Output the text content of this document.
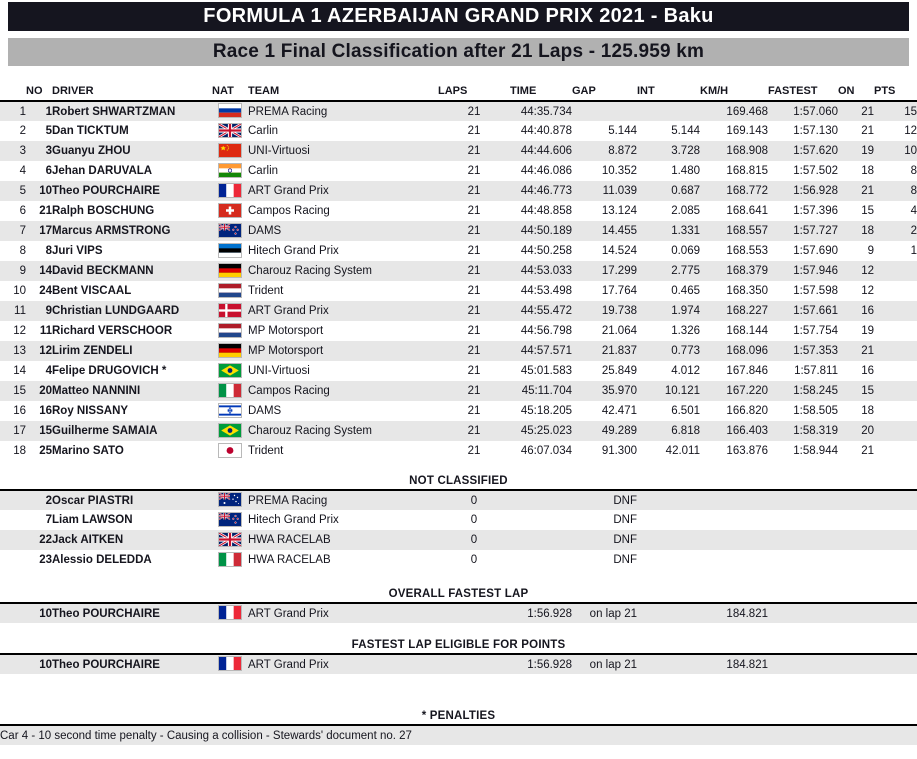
FORMULA 1 AZERBAIJAN GRAND PRIX 2021 - Baku
Race 1 Final Classification after 21 Laps - 125.959 km
	NO	DRIVER	NAT	TEAM	LAPS	TIME	GAP	INT	KM/H	FASTEST	ON	PTS
1	1	Robert SHWARTZMAN		PREMA Racing	21	44:35.734			169.468	1:57.060	21	15
2	5	Dan TICKTUM		Carlin	21	44:40.878	5.144	5.144	169.143	1:57.130	21	12
3	3	Guanyu ZHOU		UNI-Virtuosi	21	44:44.606	8.872	3.728	168.908	1:57.620	19	10
4	6	Jehan DARUVALA		Carlin	21	44:46.086	10.352	1.480	168.815	1:57.502	18	8
5	10	Theo POURCHAIRE		ART Grand Prix	21	44:46.773	11.039	0.687	168.772	1:56.928	21	8
6	21	Ralph BOSCHUNG		Campos Racing	21	44:48.858	13.124	2.085	168.641	1:57.396	15	4
7	17	Marcus ARMSTRONG		DAMS	21	44:50.189	14.455	1.331	168.557	1:57.727	18	2
8	8	Juri VIPS		Hitech Grand Prix	21	44:50.258	14.524	0.069	168.553	1:57.690	9	1
9	14	David BECKMANN		Charouz Racing System	21	44:53.033	17.299	2.775	168.379	1:57.946	12	
10	24	Bent VISCAAL		Trident	21	44:53.498	17.764	0.465	168.350	1:57.598	12	
11	9	Christian LUNDGAARD		ART Grand Prix	21	44:55.472	19.738	1.974	168.227	1:57.661	16	
12	11	Richard VERSCHOOR		MP Motorsport	21	44:56.798	21.064	1.326	168.144	1:57.754	19	
13	12	Lirim ZENDELI		MP Motorsport	21	44:57.571	21.837	0.773	168.096	1:57.353	21	
14	4	Felipe DRUGOVICH *		UNI-Virtuosi	21	45:01.583	25.849	4.012	167.846	1:57.811	16	
15	20	Matteo NANNINI		Campos Racing	21	45:11.704	35.970	10.121	167.220	1:58.245	15	
16	16	Roy NISSANY		DAMS	21	45:18.205	42.471	6.501	166.820	1:58.505	18	
17	15	Guilherme SAMAIA		Charouz Racing System	21	45:25.023	49.289	6.818	166.403	1:58.319	20	
18	25	Marino SATO		Trident	21	46:07.034	91.300	42.011	163.876	1:58.944	21	
NOT CLASSIFIED
	2	Oscar PIASTRI		PREMA Racing	0		DNF					
	7	Liam LAWSON		Hitech Grand Prix	0		DNF					
	22	Jack AITKEN		HWA RACELAB	0		DNF					
	23	Alessio DELEDDA		HWA RACELAB	0		DNF					
OVERALL FASTEST LAP
	10	Theo POURCHAIRE		ART Grand Prix		1:56.928	on lap 21		184.821			
FASTEST LAP ELIGIBLE FOR POINTS
	10	Theo POURCHAIRE		ART Grand Prix		1:56.928	on lap 21		184.821			
* PENALTIES
Car 4 - 10 second time penalty - Causing a collision - Stewards' document no. 27
